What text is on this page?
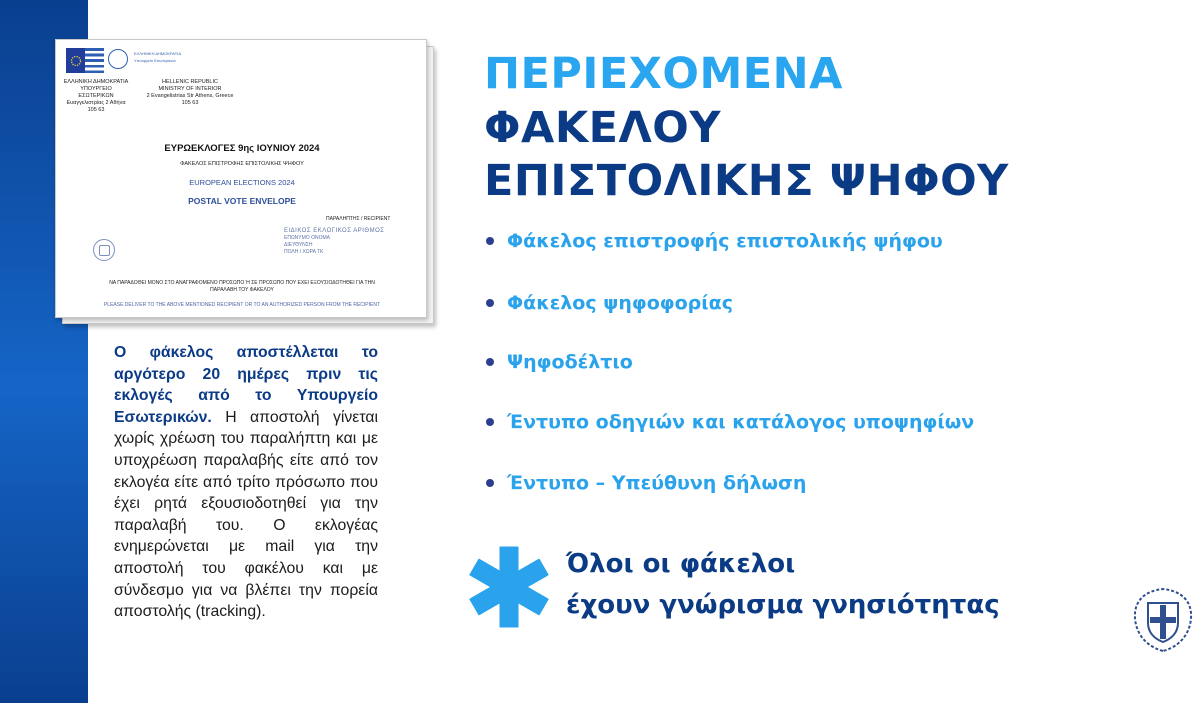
ΕΛΛΗΝΙΚΗ ΔΗΜΟΚΡΑΤΙΑ
Υπουργείο Εσωτερικών
ΕΛΛΗΝΙΚΗ ΔΗΜΟΚΡΑΤΙΑ
ΥΠΟΥΡΓΕΙΟ
ΕΣΩΤΕΡΙΚΩΝ
Ευαγγελιστρίας 2 Αθήνα
105 63
HELLENIC REPUBLIC
MINISTRY OF INTERIOR
2 Evangelistrias Str Athens, Greece
105 63
ΕΥΡΩΕΚΛΟΓΕΣ 9ης ΙΟΥΝΙΟΥ 2024
ΦΑΚΕΛΟΣ ΕΠΙΣΤΡΟΦΗΣ ΕΠΙΣΤΟΛΙΚΗΣ ΨΗΦΟΥ
EUROPEAN ELECTIONS 2024
POSTAL VOTE ENVELOPE
ΠΑΡΑΛΗΠΤΗΣ / RECIPIENT
ΕΙΔΙΚΟΣ ΕΚΛΟΓΙΚΟΣ ΑΡΙΘΜΟΣ
ΕΠΩΝΥΜΟ ΟΝΟΜΑ
ΔΙΕΥΘΥΝΣΗ
ΠΟΛΗ / ΧΩΡΑ ΤΚ
ΝΑ ΠΑΡΑΔΟΘΕΙ ΜΟΝΟ ΣΤΟ ΑΝΑΓΡΑΦΟΜΕΝΟ ΠΡΟΣΩΠΟ Ή ΣΕ ΠΡΟΣΩΠΟ ΠΟΥ ΕΧΕΙ ΕΞΟΥΣΙΟΔΟΤΗΘΕΙ ΓΙΑ ΤΗΝ
ΠΑΡΑΛΑΒΗ ΤΟΥ ΦΑΚΕΛΟΥ
PLEASE DELIVER TO THE ABOVE MENTIONED RECIPIENT OR TO AN AUTHORIZED PERSON FROM THE RECIPIENT
Ο φάκελος αποστέλλεται το αργότερο 20 ημέρες πριν τις εκλογές από το Υπουργείο Εσωτερικών. Η αποστολή γίνεται χωρίς χρέωση του παραλήπτη και με υποχρέωση παραλαβής είτε από τον εκλογέα είτε από τρίτο πρόσωπο που έχει ρητά εξουσιοδοτηθεί για την παραλαβή του. Ο εκλογέας ενημερώνεται με mail για την αποστολή του φακέλου και με σύνδεσμο για να βλέπει την πορεία αποστολής (tracking).
ΠΕΡΙΕΧΟΜΕΝΑ
ΦΑΚΕΛΟΥ
ΕΠΙΣΤΟΛΙΚΗΣ ΨΗΦΟΥ
Φάκελος επιστροφής επιστολικής ψήφου
Φάκελος ψηφοφορίας
Ψηφοδέλτιο
Έντυπο οδηγιών και κατάλογος υποψηφίων
Έντυπο – Υπεύθυνη δήλωση
Όλοι οι φάκελοι
έχουν γνώρισμα γνησιότητας
